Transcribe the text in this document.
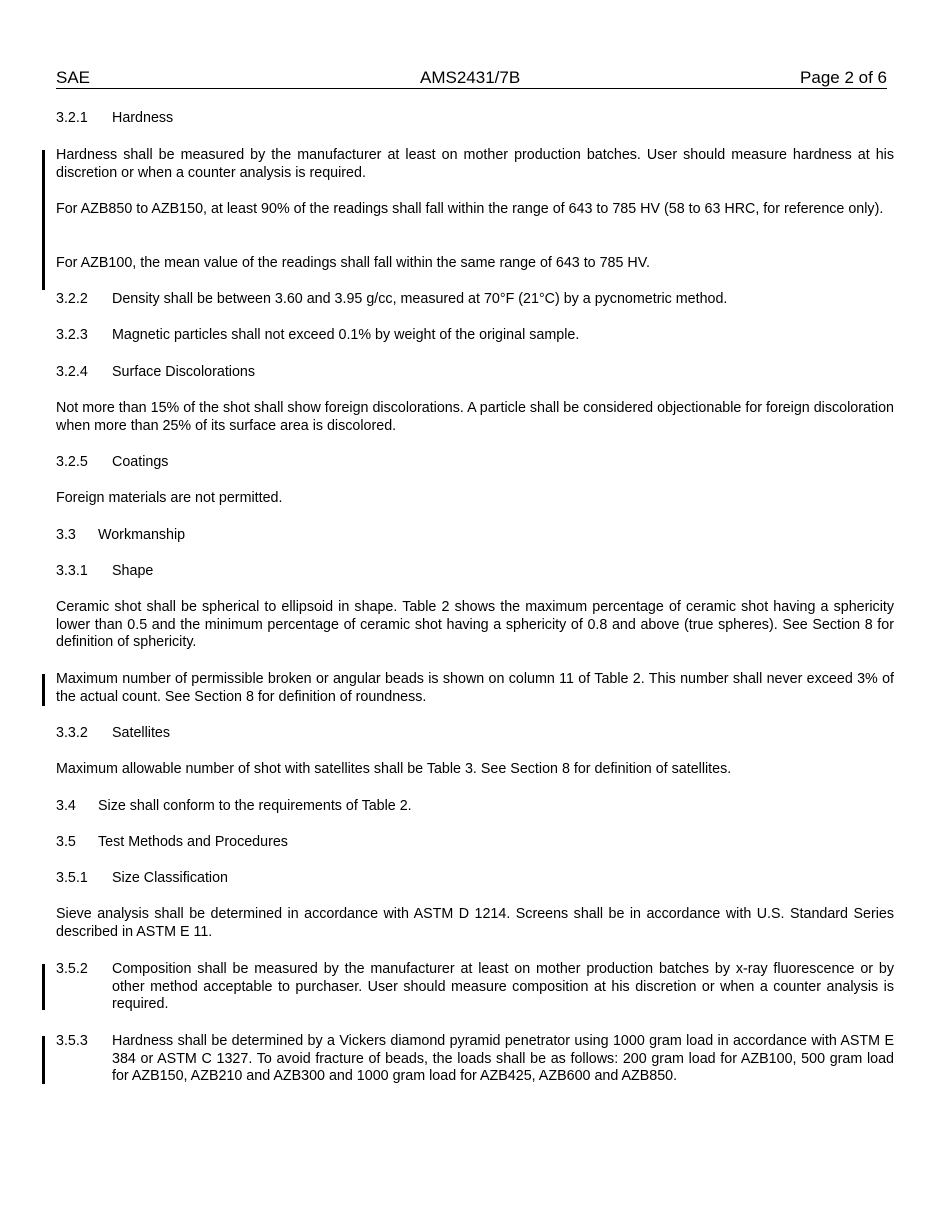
SAE	AMS2431/7B	Page 2 of 6
3.2.1 Hardness

Hardness shall be measured by the manufacturer at least on mother production batches. User should measure hardness at his discretion or when a counter analysis is required.

For AZB850 to AZB150, at least 90% of the readings shall fall within the range of 643 to 785 HV (58 to 63 HRC, for reference only).

For AZB100, the mean value of the readings shall fall within the same range of 643 to 785 HV.

3.2.2 Density shall be between 3.60 and 3.95 g/cc, measured at 70°F (21°C) by a pycnometric method.
3.2.3 Magnetic particles shall not exceed 0.1% by weight of the original sample.
3.2.4 Surface Discolorations

Not more than 15% of the shot shall show foreign discolorations. A particle shall be considered objectionable for foreign discoloration when more than 25% of its surface area is discolored.

3.2.5 Coatings

Foreign materials are not permitted.

3.3 Workmanship
3.3.1 Shape

Ceramic shot shall be spherical to ellipsoid in shape. Table 2 shows the maximum percentage of ceramic shot having a sphericity lower than 0.5 and the minimum percentage of ceramic shot having a sphericity of 0.8 and above (true spheres). See Section 8 for definition of sphericity.

Maximum number of permissible broken or angular beads is shown on column 11 of Table 2. This number shall never exceed 3% of the actual count. See Section 8 for definition of roundness.

3.3.2 Satellites

Maximum allowable number of shot with satellites shall be Table 3. See Section 8 for definition of satellites.

3.4 Size shall conform to the requirements of Table 2.
3.5 Test Methods and Procedures
3.5.1 Size Classification

Sieve analysis shall be determined in accordance with ASTM D 1214. Screens shall be in accordance with U.S. Standard Series described in ASTM E 11.

3.5.2 Composition shall be measured by the manufacturer at least on mother production batches by x-ray fluorescence or by other method acceptable to purchaser. User should measure composition at his discretion or when a counter analysis is required.

3.5.3 Hardness shall be determined by a Vickers diamond pyramid penetrator using 1000 gram load in accordance with ASTM E 384 or ASTM C 1327. To avoid fracture of beads, the loads shall be as follows: 200 gram load for AZB100, 500 gram load for AZB150, AZB210 and AZB300 and 1000 gram load for AZB425, AZB600 and AZB850.
